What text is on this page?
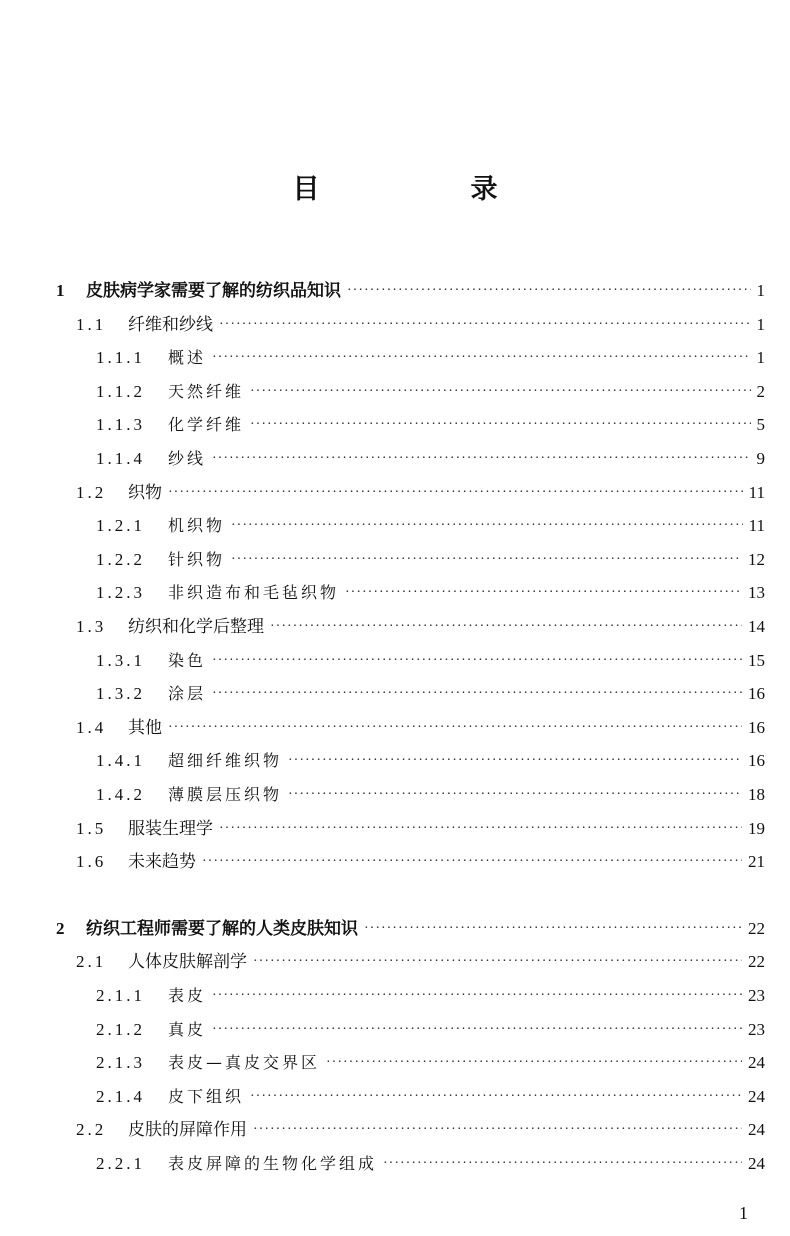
目　录
1	皮肤病学家需要了解的纺织品知识 ·····	1
1.1	纤维和纱线 ·····	1
1.1.1	概述 ·····	1
1.1.2	天然纤维 ·····	2
1.1.3	化学纤维 ·····	5
1.1.4	纱线 ·····	9
1.2	织物 ·····	11
1.2.1	机织物 ·····	11
1.2.2	针织物 ·····	12
1.2.3	非织造布和毛毡织物 ·····	13
1.3	纺织和化学后整理 ·····	14
1.3.1	染色 ·····	15
1.3.2	涂层 ·····	16
1.4	其他 ·····	16
1.4.1	超细纤维织物 ·····	16
1.4.2	薄膜层压织物 ·····	18
1.5	服装生理学 ·····	19
1.6	未来趋势 ·····	21
2	纺织工程师需要了解的人类皮肤知识 ·····	22
2.1	人体皮肤解剖学 ·····	22
2.1.1	表皮 ·····	23
2.1.2	真皮 ·····	23
2.1.3	表皮—真皮交界区 ·····	24
2.1.4	皮下组织 ·····	24
2.2	皮肤的屏障作用 ·····	24
2.2.1	表皮屏障的生物化学组成 ·····	24
1
